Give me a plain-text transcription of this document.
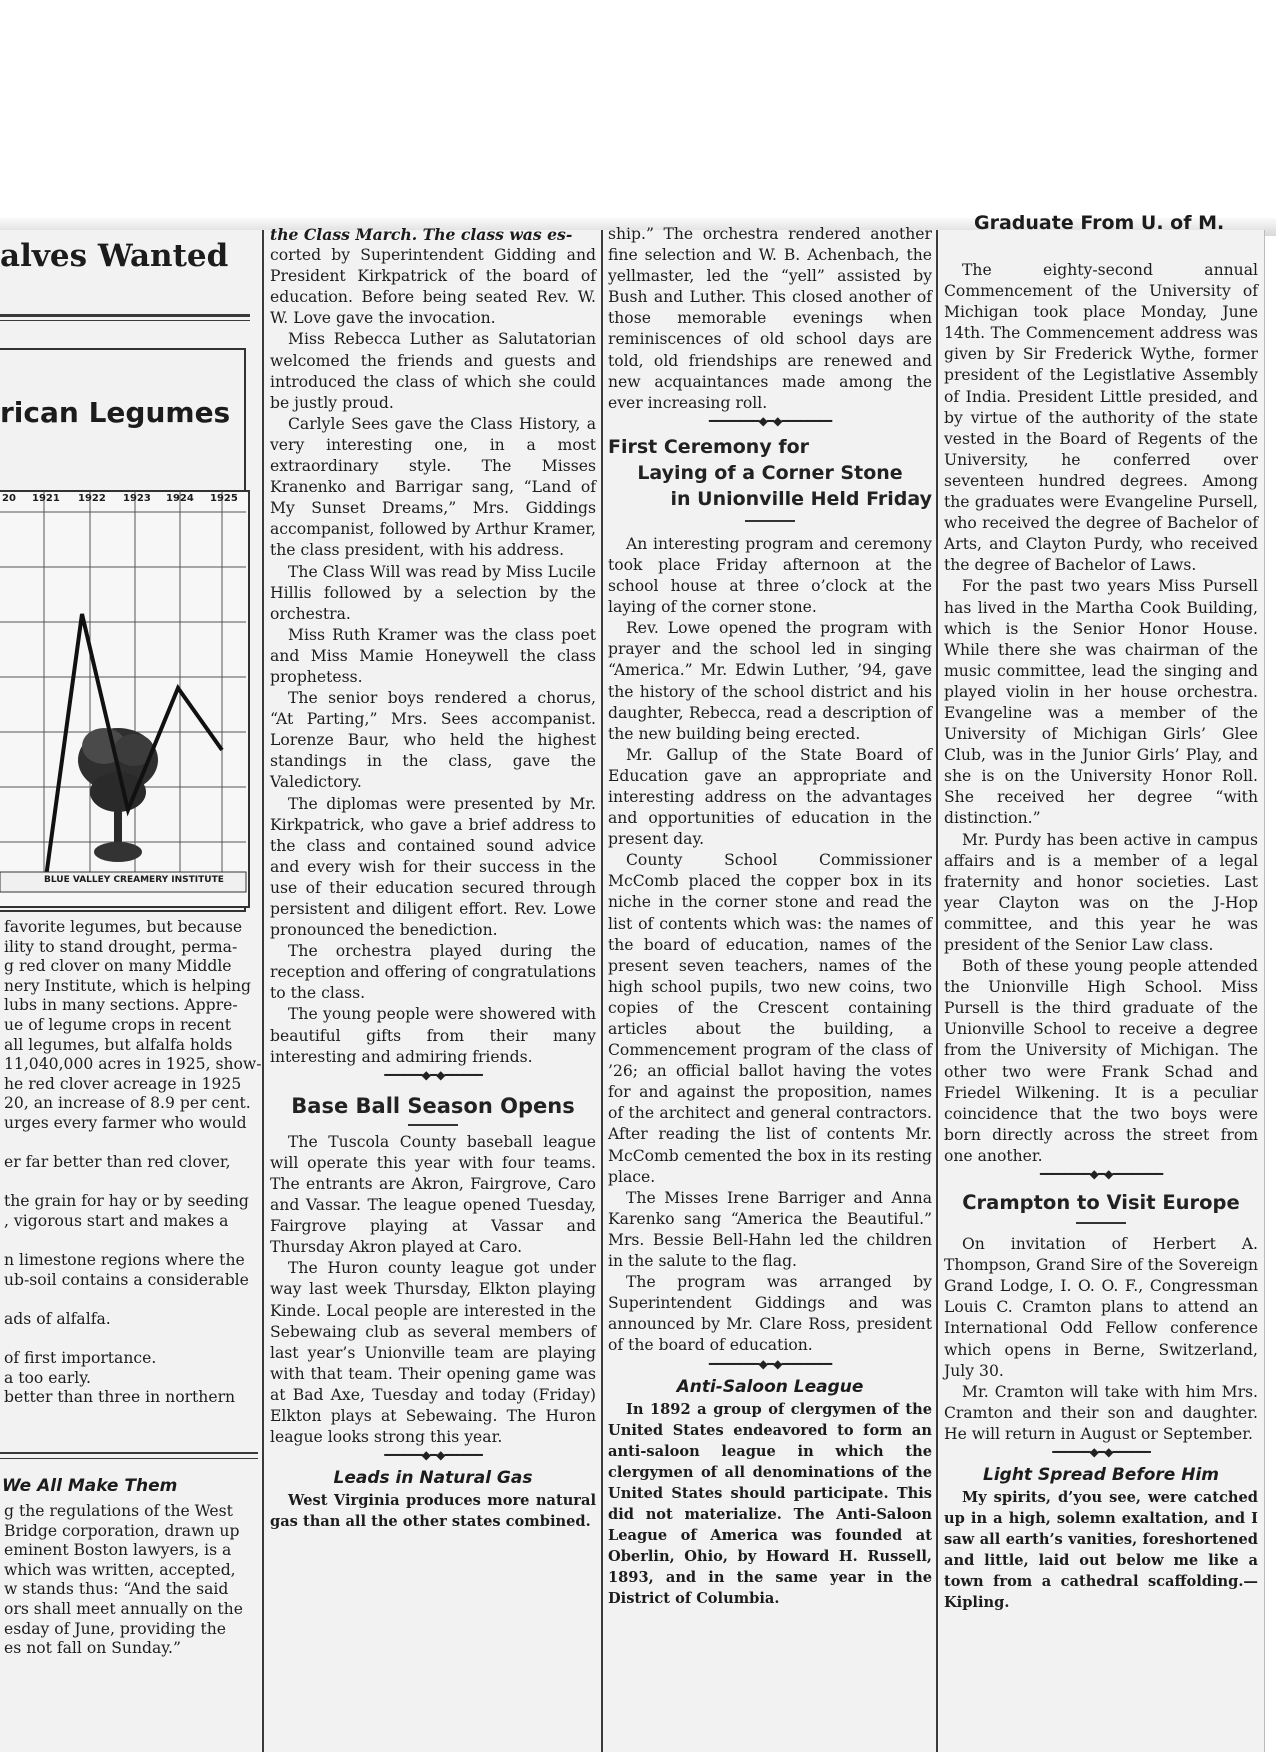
alves Wanted
rican Legumes
20 1921 1922 1923 1924 1925
BLUE VALLEY CREAMERY INSTITUTE
favorite legumes, but because
ility to stand drought, perma-
g red clover on many Middle
nery Institute, which is helping
lubs in many sections. Appre-
ue of legume crops in recent
all legumes, but alfalfa holds
11,040,000 acres in 1925, show-
he red clover acreage in 1925
20, an increase of 8.9 per cent.
urges every farmer who would
er far better than red clover,
the grain for hay or by seeding
, vigorous start and makes a
n limestone regions where the
ub-soil contains a considerable
ads of alfalfa.
of first importance.
a too early.
better than three in northern
We All Make Them
g the regulations of the West
Bridge corporation, drawn up
eminent Boston lawyers, is a
which was written, accepted,
w stands thus: “And the said
ors shall meet annually on the
esday of June, providing the
es not fall on Sunday.”

the Class March. The class was es-

corted by Superintendent Gidding and President Kirkpatrick of the board of education. Before being seated Rev. W. W. Love gave the invocation.

Miss Rebecca Luther as Salutatorian welcomed the friends and guests and introduced the class of which she could be justly proud.

Carlyle Sees gave the Class History, a very interesting one, in a most extraordinary style. The Misses Kranenko and Barrigar sang, “Land of My Sunset Dreams,” Mrs. Giddings accompanist, followed by Arthur Kramer, the class president, with his address.

The Class Will was read by Miss Lucile Hillis followed by a selection by the orchestra.

Miss Ruth Kramer was the class poet and Miss Mamie Honeywell the class prophetess.

The senior boys rendered a chorus, “At Parting,” Mrs. Sees accompanist. Lorenze Baur, who held the highest standings in the class, gave the Valedictory.

The diplomas were presented by Mr. Kirkpatrick, who gave a brief address to the class and contained sound advice and every wish for their success in the use of their education secured through persistent and diligent effort. Rev. Lowe pronounced the benediction.

The orchestra played during the reception and offering of congratulations to the class.

The young people were showered with beautiful gifts from their many interesting and admiring friends.

━━━━━━◆━◆━━━━━━
Base Ball Season Opens

The Tuscola County baseball league will operate this year with four teams. The entrants are Akron, Fairgrove, Caro and Vassar. The league opened Tuesday, Fairgrove playing at Vassar and Thursday Akron played at Caro.

The Huron county league got under way last week Thursday, Elkton playing Kinde. Local people are interested in the Sebewaing club as several members of last year’s Unionville team are playing with that team. Their opening game was at Bad Axe, Tuesday and today (Friday) Elkton plays at Sebewaing. The Huron league looks strong this year.

━━━━━━◆━◆━━━━━━
Leads in Natural Gas

West Virginia produces more natural gas than all the other states combined.

ship.” The orchestra rendered another fine selection and W. B. Achenbach, the yellmaster, led the “yell” assisted by Bush and Luther. This closed another of those memorable evenings when reminiscences of old school days are told, old friendships are renewed and new acquaintances made among the ever increasing roll.

━━━━━━━━◆━◆━━━━━━━━
First Ceremony for
Laying of a Corner Stone
in Unionville Held Friday

An interesting program and ceremony took place Friday afternoon at the school house at three o’clock at the laying of the corner stone.

Rev. Lowe opened the program with prayer and the school led in singing “America.” Mr. Edwin Luther, ’94, gave the history of the school district and his daughter, Rebecca, read a description of the new building being erected.

Mr. Gallup of the State Board of Education gave an appropriate and interesting address on the advantages and opportunities of education in the present day.

County School Commissioner McComb placed the copper box in its niche in the corner stone and read the list of contents which was: the names of the board of education, names of the present seven teachers, names of the high school pupils, two new coins, two copies of the Crescent containing articles about the building, a Commencement program of the class of ’26; an official ballot having the votes for and against the proposition, names of the architect and general contractors. After reading the list of contents Mr. McComb cemented the box in its resting place.

The Misses Irene Barriger and Anna Karenko sang “America the Beautiful.” Mrs. Bessie Bell-Hahn led the children in the salute to the flag.

The program was arranged by Superintendent Giddings and was announced by Mr. Clare Ross, president of the board of education.

━━━━━━━━◆━◆━━━━━━━━
Anti-Saloon League

In 1892 a group of clergymen of the United States endeavored to form an anti-saloon league in which the clergymen of all denominations of the United States should participate. This did not materialize. The Anti-Saloon League of America was founded at Oberlin, Ohio, by Howard H. Russell, 1893, and in the same year in the District of Columbia.

Graduate From U. of M.

The eighty-second annual Commencement of the University of Michigan took place Monday, June 14th. The Commencement address was given by Sir Frederick Wythe, former president of the Legistlative Assembly of India. President Little presided, and by virtue of the authority of the state vested in the Board of Regents of the University, he conferred over seventeen hundred degrees. Among the graduates were Evangeline Pursell, who received the degree of Bachelor of Arts, and Clayton Purdy, who received the degree of Bachelor of Laws.

For the past two years Miss Pursell has lived in the Martha Cook Building, which is the Senior Honor House. While there she was chairman of the music committee, lead the singing and played violin in her house orchestra. Evangeline was a member of the University of Michigan Girls’ Glee Club, was in the Junior Girls’ Play, and she is on the University Honor Roll. She received her degree “with distinction.”

Mr. Purdy has been active in campus affairs and is a member of a legal fraternity and honor societies. Last year Clayton was on the J-Hop committee, and this year he was president of the Senior Law class.

Both of these young people attended the Unionville High School. Miss Pursell is the third graduate of the Unionville School to receive a degree from the University of Michigan. The other two were Frank Schad and Friedel Wilkening. It is a peculiar coincidence that the two boys were born directly across the street from one another.

━━━━━━━━◆━◆━━━━━━━━
Crampton to Visit Europe

On invitation of Herbert A. Thompson, Grand Sire of the Sovereign Grand Lodge, I. O. O. F., Congressman Louis C. Cramton plans to attend an International Odd Fellow conference which opens in Berne, Switzerland, July 30.

Mr. Cramton will take with him Mrs. Cramton and their son and daughter. He will return in August or September.

━━━━━━◆━◆━━━━━━
Light Spread Before Him

My spirits, d’you see, were catched up in a high, solemn exaltation, and I saw all earth’s vanities, foreshortened and little, laid out below me like a town from a cathedral scaffolding.—Kipling.
